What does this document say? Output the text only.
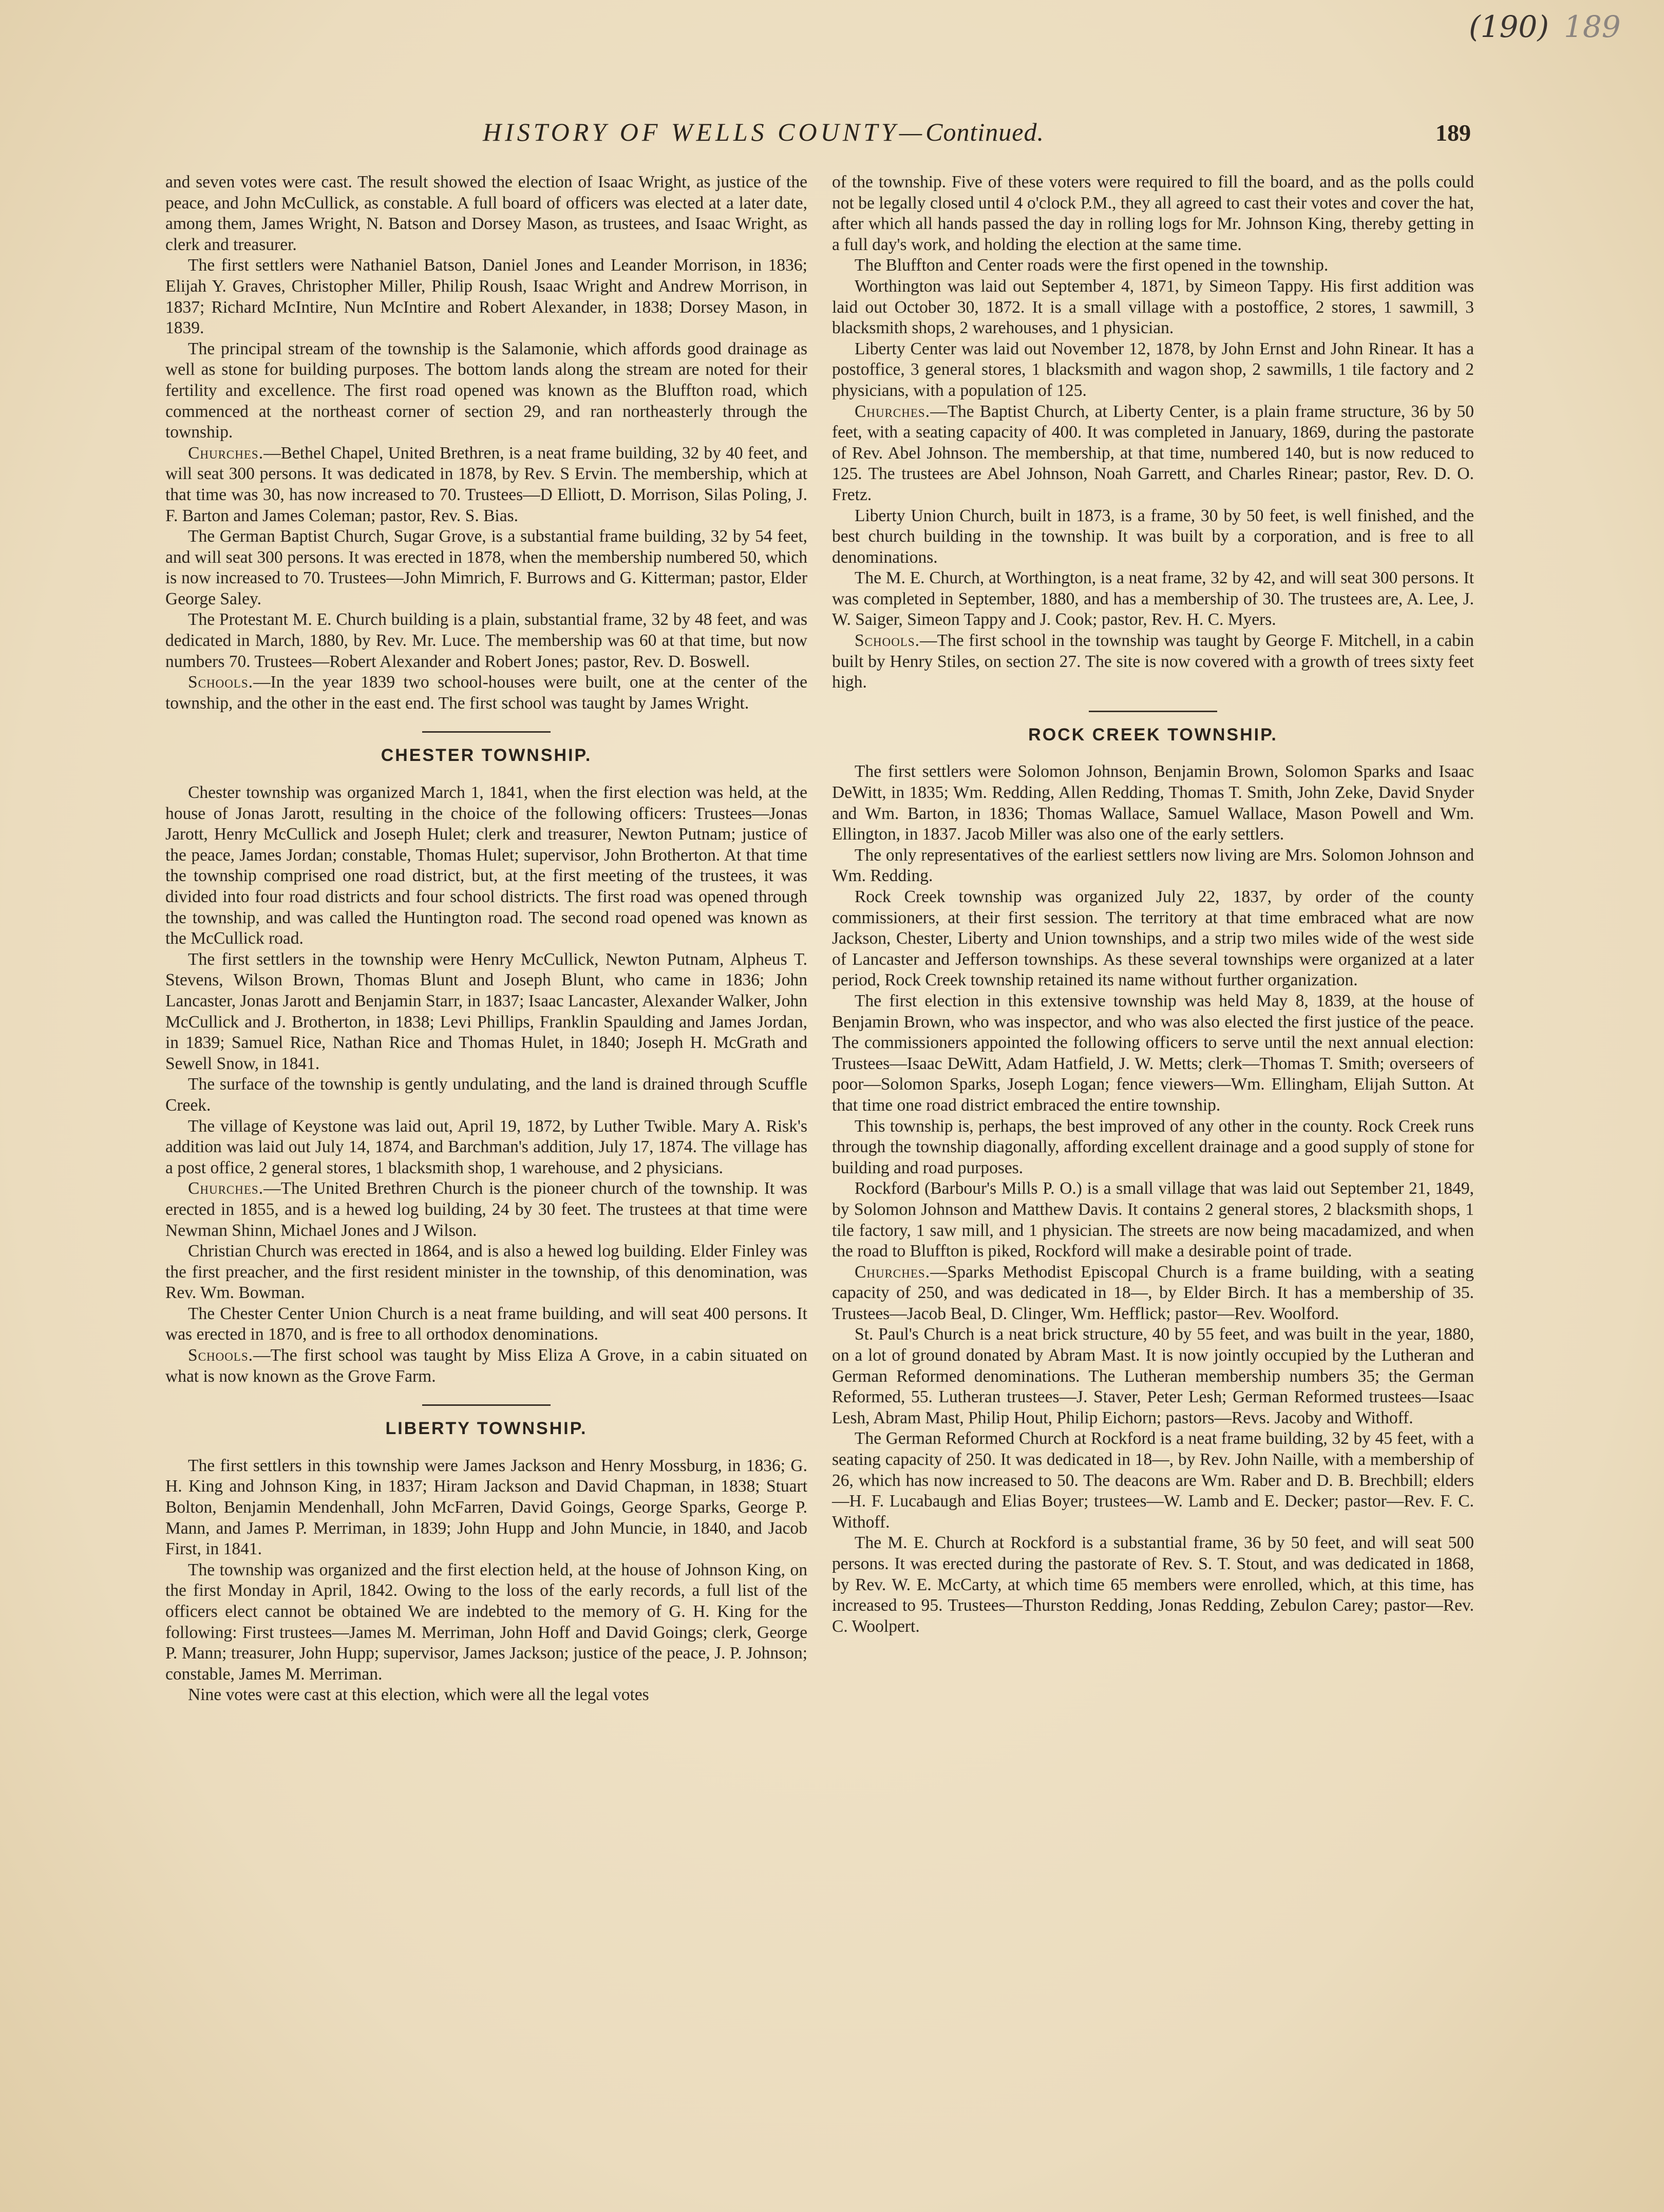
(190) 189
HISTORY OF WELLS COUNTY—Continued.	189

and seven votes were cast. The result showed the election of Isaac Wright, as justice of the peace, and John McCullick, as constable. A full board of officers was elected at a later date, among them, James Wright, N. Batson and Dorsey Mason, as trustees, and Isaac Wright, as clerk and treasurer.

The first settlers were Nathaniel Batson, Daniel Jones and Leander Morrison, in 1836; Elijah Y. Graves, Christopher Miller, Philip Roush, Isaac Wright and Andrew Morrison, in 1837; Richard McIntire, Nun McIntire and Robert Alexander, in 1838; Dorsey Mason, in 1839.

The principal stream of the township is the Salamonie, which affords good drainage as well as stone for building purposes. The bottom lands along the stream are noted for their fertility and excellence. The first road opened was known as the Bluffton road, which commenced at the northeast corner of section 29, and ran northeasterly through the township.

Churches.—Bethel Chapel, United Brethren, is a neat frame building, 32 by 40 feet, and will seat 300 persons. It was dedicated in 1878, by Rev. S Ervin. The membership, which at that time was 30, has now increased to 70. Trustees—D Elliott, D. Morrison, Silas Poling, J. F. Barton and James Coleman; pastor, Rev. S. Bias.

The German Baptist Church, Sugar Grove, is a substantial frame building, 32 by 54 feet, and will seat 300 persons. It was erected in 1878, when the membership numbered 50, which is now increased to 70. Trustees—John Mimrich, F. Burrows and G. Kitterman; pastor, Elder George Saley.

The Protestant M. E. Church building is a plain, substantial frame, 32 by 48 feet, and was dedicated in March, 1880, by Rev. Mr. Luce. The membership was 60 at that time, but now numbers 70. Trustees—Robert Alexander and Robert Jones; pastor, Rev. D. Boswell.

Schools.—In the year 1839 two school-houses were built, one at the center of the township, and the other in the east end. The first school was taught by James Wright.

CHESTER TOWNSHIP.

Chester township was organized March 1, 1841, when the first election was held, at the house of Jonas Jarott, resulting in the choice of the following officers: Trustees—Jonas Jarott, Henry McCullick and Joseph Hulet; clerk and treasurer, Newton Putnam; justice of the peace, James Jordan; constable, Thomas Hulet; supervisor, John Brotherton. At that time the township comprised one road district, but, at the first meeting of the trustees, it was divided into four road districts and four school districts. The first road was opened through the township, and was called the Huntington road. The second road opened was known as the McCullick road.

The first settlers in the township were Henry McCullick, Newton Putnam, Alpheus T. Stevens, Wilson Brown, Thomas Blunt and Joseph Blunt, who came in 1836; John Lancaster, Jonas Jarott and Benjamin Starr, in 1837; Isaac Lancaster, Alexander Walker, John McCullick and J. Brotherton, in 1838; Levi Phillips, Franklin Spaulding and James Jordan, in 1839; Samuel Rice, Nathan Rice and Thomas Hulet, in 1840; Joseph H. McGrath and Sewell Snow, in 1841.

The surface of the township is gently undulating, and the land is drained through Scuffle Creek.

The village of Keystone was laid out, April 19, 1872, by Luther Twible. Mary A. Risk's addition was laid out July 14, 1874, and Barchman's addition, July 17, 1874. The village has a post office, 2 general stores, 1 blacksmith shop, 1 warehouse, and 2 physicians.

Churches.—The United Brethren Church is the pioneer church of the township. It was erected in 1855, and is a hewed log building, 24 by 30 feet. The trustees at that time were Newman Shinn, Michael Jones and J Wilson.

Christian Church was erected in 1864, and is also a hewed log building. Elder Finley was the first preacher, and the first resident minister in the township, of this denomination, was Rev. Wm. Bowman.

The Chester Center Union Church is a neat frame building, and will seat 400 persons. It was erected in 1870, and is free to all orthodox denominations.

Schools.—The first school was taught by Miss Eliza A Grove, in a cabin situated on what is now known as the Grove Farm.

LIBERTY TOWNSHIP.

The first settlers in this township were James Jackson and Henry Mossburg, in 1836; G. H. King and Johnson King, in 1837; Hiram Jackson and David Chapman, in 1838; Stuart Bolton, Benjamin Mendenhall, John McFarren, David Goings, George Sparks, George P. Mann, and James P. Merriman, in 1839; John Hupp and John Muncie, in 1840, and Jacob First, in 1841.

The township was organized and the first election held, at the house of Johnson King, on the first Monday in April, 1842. Owing to the loss of the early records, a full list of the officers elect cannot be obtained We are indebted to the memory of G. H. King for the following: First trustees—James M. Merriman, John Hoff and David Goings; clerk, George P. Mann; treasurer, John Hupp; supervisor, James Jackson; justice of the peace, J. P. Johnson; constable, James M. Merriman.

Nine votes were cast at this election, which were all the legal votes

of the township. Five of these voters were required to fill the board, and as the polls could not be legally closed until 4 o'clock P.M., they all agreed to cast their votes and cover the hat, after which all hands passed the day in rolling logs for Mr. Johnson King, thereby getting in a full day's work, and holding the election at the same time.

The Bluffton and Center roads were the first opened in the township.

Worthington was laid out September 4, 1871, by Simeon Tappy. His first addition was laid out October 30, 1872. It is a small village with a postoffice, 2 stores, 1 sawmill, 3 blacksmith shops, 2 warehouses, and 1 physician.

Liberty Center was laid out November 12, 1878, by John Ernst and John Rinear. It has a postoffice, 3 general stores, 1 blacksmith and wagon shop, 2 sawmills, 1 tile factory and 2 physicians, with a population of 125.

Churches.—The Baptist Church, at Liberty Center, is a plain frame structure, 36 by 50 feet, with a seating capacity of 400. It was completed in January, 1869, during the pastorate of Rev. Abel Johnson. The membership, at that time, numbered 140, but is now reduced to 125. The trustees are Abel Johnson, Noah Garrett, and Charles Rinear; pastor, Rev. D. O. Fretz.

Liberty Union Church, built in 1873, is a frame, 30 by 50 feet, is well finished, and the best church building in the township. It was built by a corporation, and is free to all denominations.

The M. E. Church, at Worthington, is a neat frame, 32 by 42, and will seat 300 persons. It was completed in September, 1880, and has a membership of 30. The trustees are, A. Lee, J. W. Saiger, Simeon Tappy and J. Cook; pastor, Rev. H. C. Myers.

Schools.—The first school in the township was taught by George F. Mitchell, in a cabin built by Henry Stiles, on section 27. The site is now covered with a growth of trees sixty feet high.

ROCK CREEK TOWNSHIP.

The first settlers were Solomon Johnson, Benjamin Brown, Solomon Sparks and Isaac DeWitt, in 1835; Wm. Redding, Allen Redding, Thomas T. Smith, John Zeke, David Snyder and Wm. Barton, in 1836; Thomas Wallace, Samuel Wallace, Mason Powell and Wm. Ellington, in 1837. Jacob Miller was also one of the early settlers.

The only representatives of the earliest settlers now living are Mrs. Solomon Johnson and Wm. Redding.

Rock Creek township was organized July 22, 1837, by order of the county commissioners, at their first session. The territory at that time embraced what are now Jackson, Chester, Liberty and Union townships, and a strip two miles wide of the west side of Lancaster and Jefferson townships. As these several townships were organized at a later period, Rock Creek township retained its name without further organization.

The first election in this extensive township was held May 8, 1839, at the house of Benjamin Brown, who was inspector, and who was also elected the first justice of the peace. The commissioners appointed the following officers to serve until the next annual election: Trustees—Isaac DeWitt, Adam Hatfield, J. W. Metts; clerk—Thomas T. Smith; overseers of poor—Solomon Sparks, Joseph Logan; fence viewers—Wm. Ellingham, Elijah Sutton. At that time one road district embraced the entire township.

This township is, perhaps, the best improved of any other in the county. Rock Creek runs through the township diagonally, affording excellent drainage and a good supply of stone for building and road purposes.

Rockford (Barbour's Mills P. O.) is a small village that was laid out September 21, 1849, by Solomon Johnson and Matthew Davis. It contains 2 general stores, 2 blacksmith shops, 1 tile factory, 1 saw mill, and 1 physician. The streets are now being macadamized, and when the road to Bluffton is piked, Rockford will make a desirable point of trade.

Churches.—Sparks Methodist Episcopal Church is a frame building, with a seating capacity of 250, and was dedicated in 18—, by Elder Birch. It has a membership of 35. Trustees—Jacob Beal, D. Clinger, Wm. Hefflick; pastor—Rev. Woolford.

St. Paul's Church is a neat brick structure, 40 by 55 feet, and was built in the year, 1880, on a lot of ground donated by Abram Mast. It is now jointly occupied by the Lutheran and German Reformed denominations. The Lutheran membership numbers 35; the German Reformed, 55. Lutheran trustees—J. Staver, Peter Lesh; German Reformed trustees—Isaac Lesh, Abram Mast, Philip Hout, Philip Eichorn; pastors—Revs. Jacoby and Withoff.

The German Reformed Church at Rockford is a neat frame building, 32 by 45 feet, with a seating capacity of 250. It was dedicated in 18—, by Rev. John Naille, with a membership of 26, which has now increased to 50. The deacons are Wm. Raber and D. B. Brechbill; elders—H. F. Lucabaugh and Elias Boyer; trustees—W. Lamb and E. Decker; pastor—Rev. F. C. Withoff.

The M. E. Church at Rockford is a substantial frame, 36 by 50 feet, and will seat 500 persons. It was erected during the pastorate of Rev. S. T. Stout, and was dedicated in 1868, by Rev. W. E. McCarty, at which time 65 members were enrolled, which, at this time, has increased to 95. Trustees—Thurston Redding, Jonas Redding, Zebulon Carey; pastor—Rev. C. Woolpert.
